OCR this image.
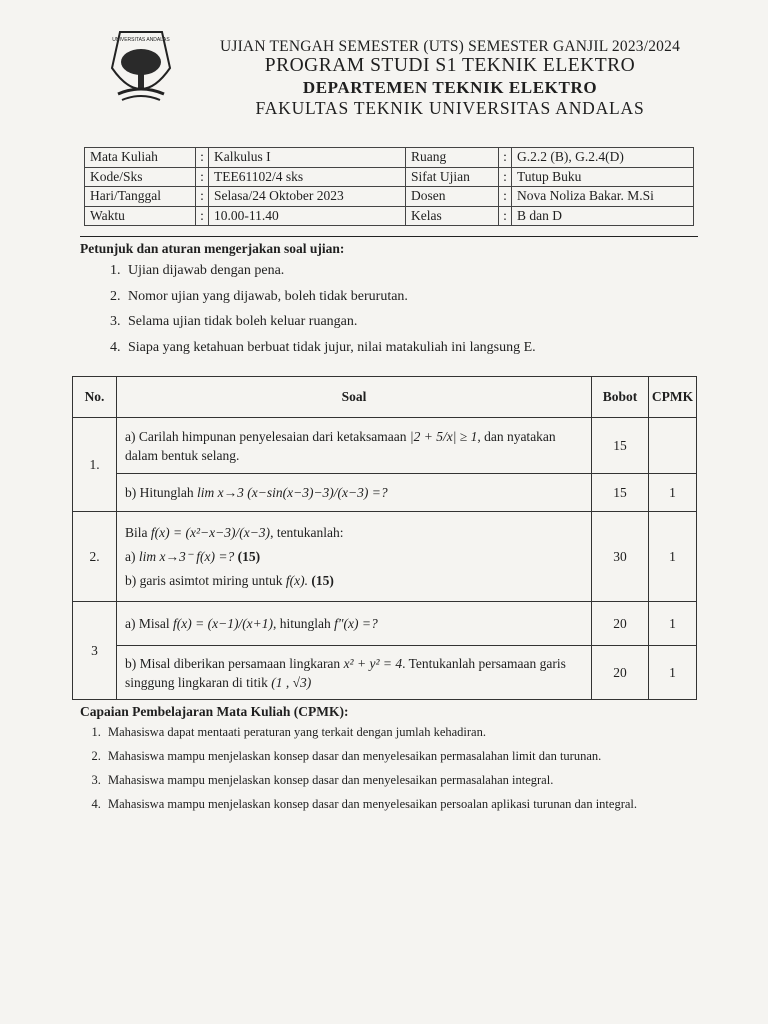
UNIVERSITAS ANDALAS	UJIAN TENGAH SEMESTER (UTS) SEMESTER GANJIL 2023/2024
PROGRAM STUDI S1 TEKNIK ELEKTRO
DEPARTEMEN TEKNIK ELEKTRO
FAKULTAS TEKNIK UNIVERSITAS ANDALAS
Mata Kuliah	:	Kalkulus I	Ruang	:	G.2.2 (B), G.2.4(D)
Kode/Sks	:	TEE61102/4 sks	Sifat Ujian	:	Tutup Buku
Hari/Tanggal	:	Selasa/24 Oktober 2023	Dosen	:	Nova Noliza Bakar. M.Si
Waktu	:	10.00-11.40	Kelas	:	B dan D
Petunjuk dan aturan mengerjakan soal ujian:
1. Ujian dijawab dengan pena.
2. Nomor ujian yang dijawab, boleh tidak berurutan.
3. Selama ujian tidak boleh keluar ruangan.
4. Siapa yang ketahuan berbuat tidak jujur, nilai matakuliah ini langsung E.
No.	Soal	Bobot	CPMK
1.	a) Carilah himpunan penyelesaian dari ketaksamaan |2 + 5/x| ≥ 1, dan nyatakan dalam bentuk selang.	15	
	b) Hitunglah lim x→3 (x−sin(x−3)−3)/(x−3) =?	15	1
2.	Bila f(x) = (x²−x−3)/(x−3), tentukanlah:
a) lim x→3⁻ f(x) =? (15)
b) garis asimtot miring untuk f(x). (15)	30	1
3	a) Misal f(x) = (x−1)/(x+1), hitunglah f″(x) =?	20	1
	b) Misal diberikan persamaan lingkaran x² + y² = 4. Tentukanlah persamaan garis singgung lingkaran di titik (1 , √3)	20	1
Capaian Pembelajaran Mata Kuliah (CPMK):
1. Mahasiswa dapat mentaati peraturan yang terkait dengan jumlah kehadiran.
2. Mahasiswa mampu menjelaskan konsep dasar dan menyelesaikan permasalahan limit dan turunan.
3. Mahasiswa mampu menjelaskan konsep dasar dan menyelesaikan permasalahan integral.
4. Mahasiswa mampu menjelaskan konsep dasar dan menyelesaikan persoalan aplikasi turunan dan integral.
